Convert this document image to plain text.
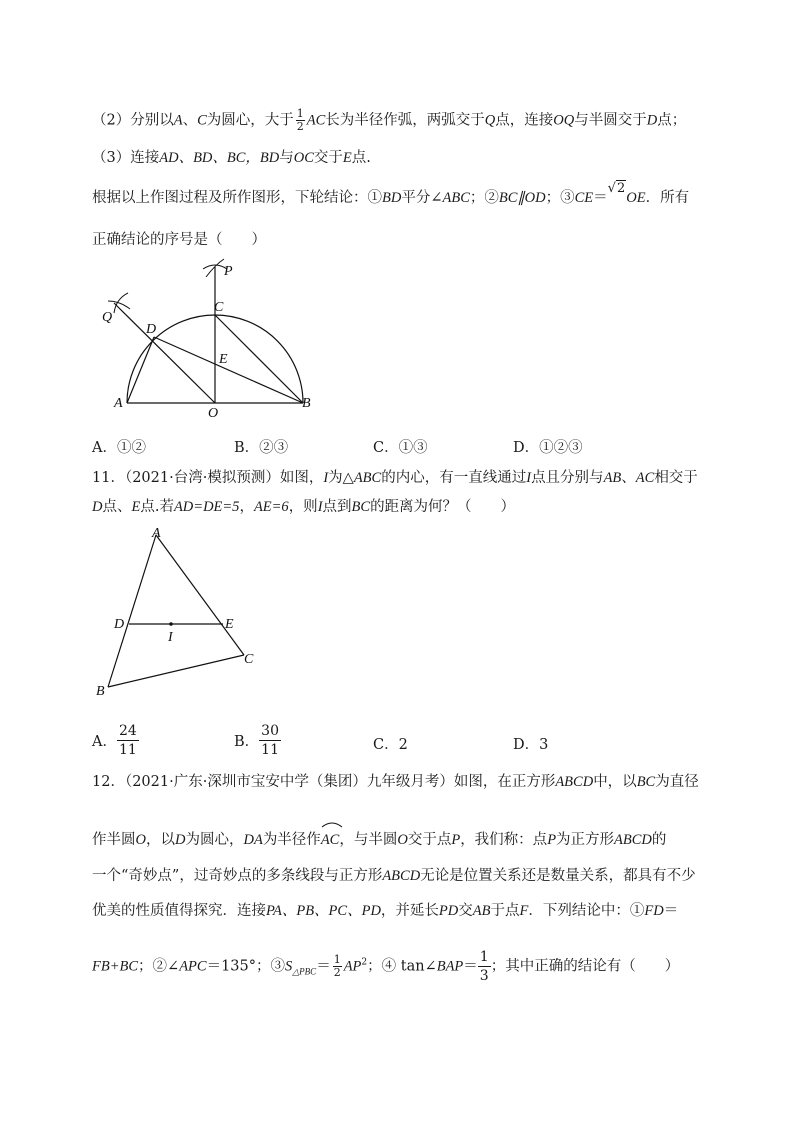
（2）分别以A、C为圆心，大于 $\frac{1}{2}$ AC长为半径作弧，两弧交于Q点，连接OQ与半圆交于D点；
（3）连接AD、BD、BC，BD与OC交于E点.
根据以上作图过程及所作图形，下轮结论：①BD平分∠ABC；②BC∥OD；③CE＝√2OE．所有
正确结论的序号是（　　）
P
Q
C
D
E
A
O
B
A．①②	B．②③	C．①③	D．①②③
11．（2021·台湾·模拟预测）如图，I为△ABC的内心，有一直线通过I点且分别与AB、AC相交于
D点、E点.若AD=DE=5，AE=6，则I点到BC的距离为何？（　　）
A
D
I
E
C
B
A． $\frac{24}{11}$	B． $\frac{30}{11}$	C．2	D．3
12．（2021·广东·深圳市宝安中学（集团）九年级月考）如图，在正方形ABCD中，以BC为直径
作半圆O，以D为圆心，DA为半径作
AC，与半圆O交于点P，我们称：点P为正方形ABCD的
一个“奇妙点”，过奇妙点的多条线段与正方形ABCD无论是位置关系还是数量关系，都具有不少
优美的性质值得探究．连接PA、PB、PC、PD，并延长PD交AB于点F．下列结论中：①FD＝
FB+BC；②∠APC＝135°；$③S_{\triangle PBC}= \frac{1}{2} AP^2$；④ tan∠BAP＝ $\frac{1}{3}$ ；其中正确的结论有（　　）
